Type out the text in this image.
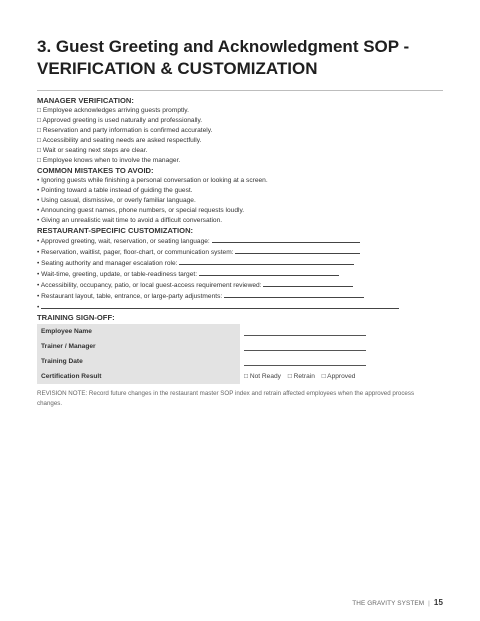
3. Guest Greeting and Acknowledgment SOP - VERIFICATION & CUSTOMIZATION

MANAGER VERIFICATION:

□ Employee acknowledges arriving guests promptly.

□ Approved greeting is used naturally and professionally.

□ Reservation and party information is confirmed accurately.

□ Accessibility and seating needs are asked respectfully.

□ Wait or seating next steps are clear.

□ Employee knows when to involve the manager.

COMMON MISTAKES TO AVOID:

• Ignoring guests while finishing a personal conversation or looking at a screen.

• Pointing toward a table instead of guiding the guest.

• Using casual, dismissive, or overly familiar language.

• Announcing guest names, phone numbers, or special requests loudly.

• Giving an unrealistic wait time to avoid a difficult conversation.

RESTAURANT-SPECIFIC CUSTOMIZATION:

• Approved greeting, wait, reservation, or seating language:

• Reservation, waitlist, pager, floor-chart, or communication system:

• Seating authority and manager escalation role:

• Wait-time, greeting, update, or table-readiness target:

• Accessibility, occupancy, patio, or local guest-access requirement reviewed:

• Restaurant layout, table, entrance, or large-party adjustments:

•

TRAINING SIGN-OFF:

Employee Name
Trainer / Manager
Training Date
Certification Result	□ Not Ready □ Retrain □ Approved
REVISION NOTE: Record future changes in the restaurant master SOP index and retrain affected employees when the approved process changes.
THE GRAVITY SYSTEM | 15
